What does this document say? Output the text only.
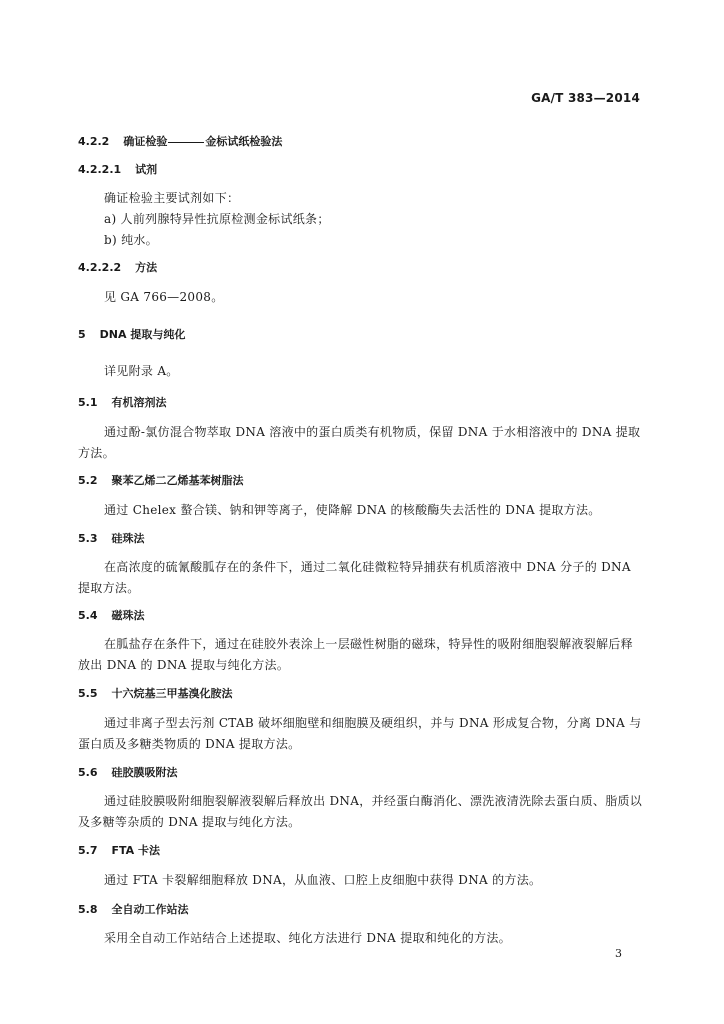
GA/T 383—2014
4.2.2 确证检验	金标试纸检验法
4.2.2.1 试剂
确证检验主要试剂如下：
a) 人前列腺特异性抗原检测金标试纸条；
b) 纯水。
4.2.2.2 方法
见 GA 766—2008。
5 DNA 提取与纯化
详见附录 A。
5.1 有机溶剂法
通过酚-氯仿混合物萃取 DNA 溶液中的蛋白质类有机物质，保留 DNA 于水相溶液中的 DNA 提取
方法。
5.2 聚苯乙烯二乙烯基苯树脂法
通过 Chelex 螯合镁、钠和钾等离子，使降解 DNA 的核酸酶失去活性的 DNA 提取方法。
5.3 硅珠法
在高浓度的硫氰酸胍存在的条件下，通过二氧化硅微粒特异捕获有机质溶液中 DNA 分子的 DNA
提取方法。
5.4 磁珠法
在胍盐存在条件下，通过在硅胶外表涂上一层磁性树脂的磁珠，特异性的吸附细胞裂解液裂解后释
放出 DNA 的 DNA 提取与纯化方法。
5.5 十六烷基三甲基溴化胺法
通过非离子型去污剂 CTAB 破坏细胞壁和细胞膜及硬组织，并与 DNA 形成复合物，分离 DNA 与
蛋白质及多糖类物质的 DNA 提取方法。
5.6 硅胶膜吸附法
通过硅胶膜吸附细胞裂解液裂解后释放出 DNA，并经蛋白酶消化、漂洗液清洗除去蛋白质、脂质以
及多糖等杂质的 DNA 提取与纯化方法。
5.7 FTA 卡法
通过 FTA 卡裂解细胞释放 DNA，从血液、口腔上皮细胞中获得 DNA 的方法。
5.8 全自动工作站法
采用全自动工作站结合上述提取、纯化方法进行 DNA 提取和纯化的方法。
3
